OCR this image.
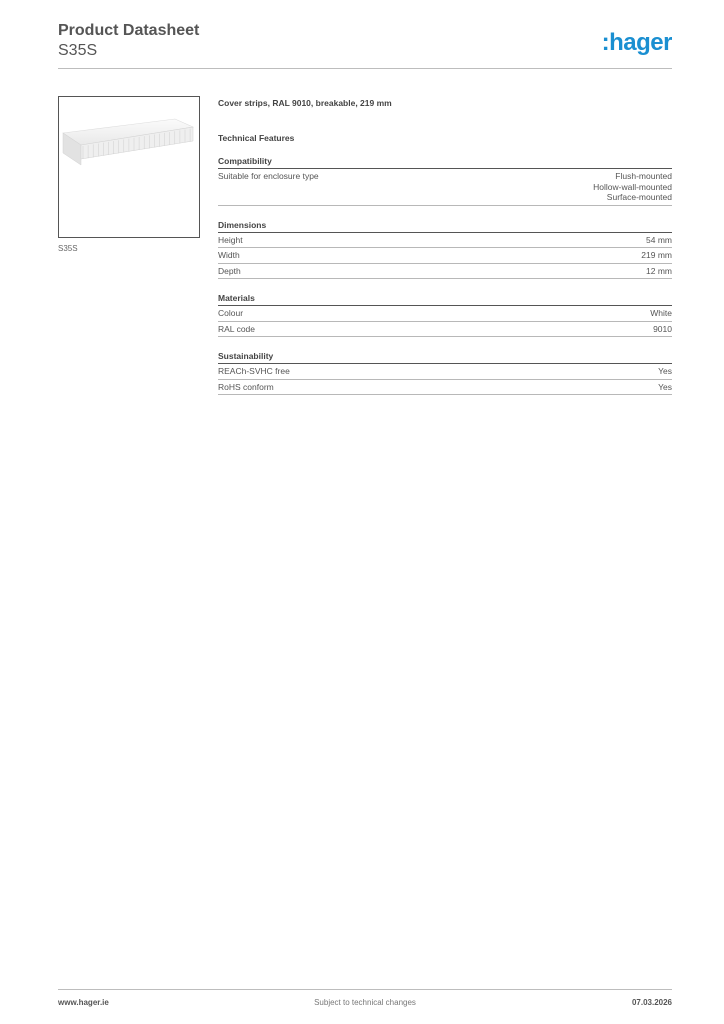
Product Datasheet
S35S	:hager
S35S
Cover strips, RAL 9010, breakable, 219 mm
Technical Features
Compatibility
Suitable for enclosure type	Flush-mounted
Hollow-wall-mounted
Surface-mounted
Dimensions
Height	54 mm
Width	219 mm
Depth	12 mm
Materials
Colour	White
RAL code	9010
Sustainability
REACh-SVHC free	Yes
RoHS conform	Yes
www.hager.ie	Subject to technical changes	07.03.2026
